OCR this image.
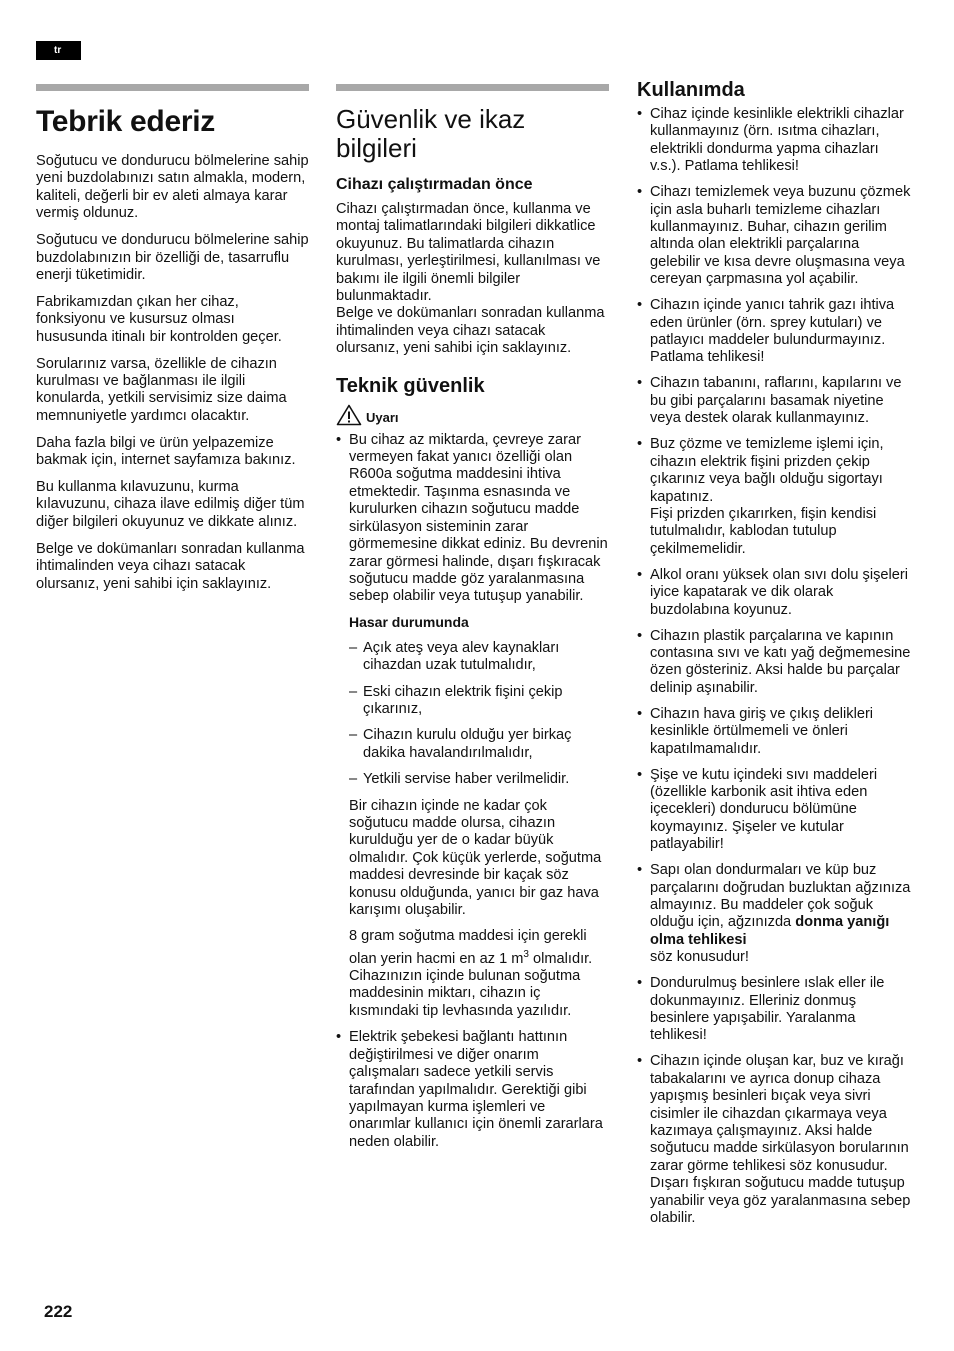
tr
Tebrik ederiz

Soğutucu ve dondurucu bölmelerine sahip yeni buzdolabınızı satın almakla, modern, kaliteli, değerli bir ev aleti almaya karar vermiş oldunuz.

Soğutucu ve dondurucu bölmelerine sahip buzdolabınızın bir özelliği de, tasarruflu enerji tüketimidir.

Fabrikamızdan çıkan her cihaz, fonksiyonu ve kusursuz olması hususunda itinalı bir kontrolden geçer.

Sorularınız varsa, özellikle de cihazın kurulması ve bağlanması ile ilgili konularda, yetkili servisimiz size daima memnuniyetle yardımcı olacaktır.

Daha fazla bilgi ve ürün yelpazemize bakmak için, internet sayfamıza bakınız.

Bu kullanma kılavuzunu, kurma kılavuzunu, cihaza ilave edilmiş diğer tüm diğer bilgileri okuyunuz ve dikkate alınız.

Belge ve dokümanları sonradan kullanma ihtimalinden veya cihazı satacak olursanız, yeni sahibi için saklayınız.

Güvenlik ve ikaz bilgileri
Cihazı çalıştırmadan önce

Cihazı çalıştırmadan önce, kullanma ve montaj talimatlarındaki bilgileri dikkatlice okuyunuz. Bu talimatlarda cihazın kurulması, yerleştirilmesi, kullanılması ve bakımı ile ilgili önemli bilgiler bulunmaktadır.

Belge ve dokümanları sonradan kullanma ihtimalinden veya cihazı satacak olursanız, yeni sahibi için saklayınız.

Teknik güvenlik
Uyarı
• Bu cihaz az miktarda, çevreye zarar vermeyen fakat yanıcı özelliği olan R600a soğutma maddesini ihtiva etmektedir. Taşınma esnasında ve kurulurken cihazın soğutucu madde sirkülasyon sisteminin zarar görmemesine dikkat ediniz. Bu devrenin zarar görmesi halinde, dışarı fışkıracak soğutucu madde göz yaralanmasına sebep olabilir veya tutuşup yanabilir.
Hasar durumunda
– Açık ateş veya alev kaynakları cihazdan uzak tutulmalıdır,
– Eski cihazın elektrik fişini çekip çıkarınız,
– Cihazın kurulu olduğu yer birkaç dakika havalandırılmalıdır,
– Yetkili servise haber verilmelidir.

Bir cihazın içinde ne kadar çok soğutucu madde olursa, cihazın kurulduğu yer de o kadar büyük olmalıdır. Çok küçük yerlerde, soğutma maddesi devresinde bir kaçak söz konusu olduğunda, yanıcı bir gaz hava karışımı oluşabilir.

8 gram soğutma maddesi için gerekli olan yerin hacmi en az 1 $m^3$ olmalıdır. Cihazınızın içinde bulunan soğutma maddesinin miktarı, cihazın iç kısmındaki tip levhasında yazılıdır.

• Elektrik şebekesi bağlantı hattının değiştirilmesi ve diğer onarım çalışmaları sadece yetkili servis tarafından yapılmalıdır. Gerektiği gibi yapılmayan kurma işlemleri ve onarımlar kullanıcı için önemli zararlara neden olabilir.
Kullanımda
• Cihaz içinde kesinlikle elektrikli cihazlar kullanmayınız (örn. ısıtma cihazları, elektrikli dondurma yapma cihazları v.s.). Patlama tehlikesi!
• Cihazı temizlemek veya buzunu çözmek için asla buharlı temizleme cihazları kullanmayınız. Buhar, cihazın gerilim altında olan elektrikli parçalarına gelebilir ve kısa devre oluşmasına veya cereyan çarpmasına yol açabilir.
• Cihazın içinde yanıcı tahrik gazı ihtiva eden ürünler (örn. sprey kutuları) ve patlayıcı maddeler bulundurmayınız. Patlama tehlikesi!
• Cihazın tabanını, raflarını, kapılarını ve bu gibi parçalarını basamak niyetine veya destek olarak kullanmayınız.
• Buz çözme ve temizleme işlemi için, cihazın elektrik fişini prizden çekip çıkarınız veya bağlı olduğu sigortayı kapatınız.
Fişi prizden çıkarırken, fişin kendisi tutulmalıdır, kablodan tutulup çekilmemelidir.
• Alkol oranı yüksek olan sıvı dolu şişeleri iyice kapatarak ve dik olarak buzdolabına koyunuz.
• Cihazın plastik parçalarına ve kapının contasına sıvı ve katı yağ değmemesine özen gösteriniz. Aksi halde bu parçalar delinip aşınabilir.
• Cihazın hava giriş ve çıkış delikleri kesinlikle örtülmemeli ve önleri kapatılmamalıdır.
• Şişe ve kutu içindeki sıvı maddeleri (özellikle karbonik asit ihtiva eden içecekleri) dondurucu bölümüne koymayınız. Şişeler ve kutular patlayabilir!
• Sapı olan dondurmaları ve küp buz parçalarını doğrudan buzluktan ağzınıza almayınız. Bu maddeler çok soğuk olduğu için, ağzınızda donma yanığı olma tehlikesi
söz konusudur!
• Dondurulmuş besinlere ıslak eller ile dokunmayınız. Elleriniz donmuş besinlere yapışabilir. Yaralanma tehlikesi!
• Cihazın içinde oluşan kar, buz ve kırağı tabakalarını ve ayrıca donup cihaza yapışmış besinleri bıçak veya sivri cisimler ile cihazdan çıkarmaya veya kazımaya çalışmayınız. Aksi halde soğutucu madde sirkülasyon borularının zarar görme tehlikesi söz konusudur. Dışarı fışkıran soğutucu madde tutuşup yanabilir veya göz yaralanmasına sebep olabilir.
222
